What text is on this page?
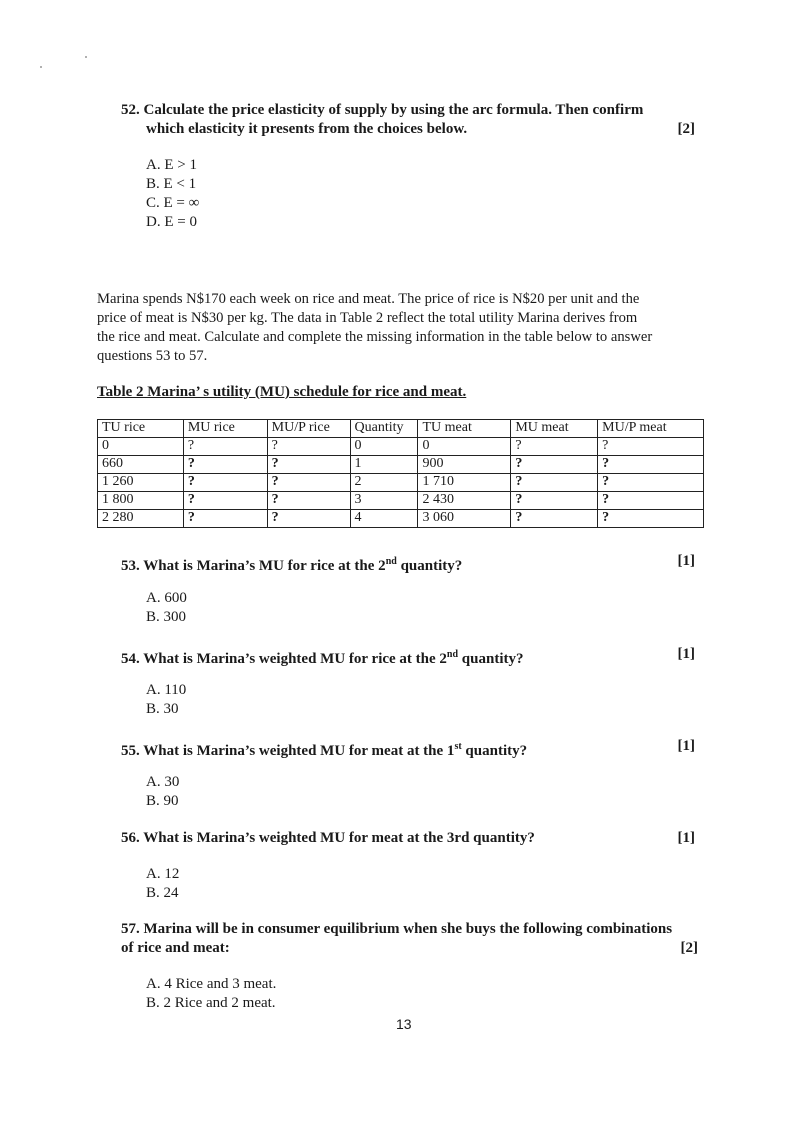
52. Calculate the price elasticity of supply by using the arc formula. Then confirm
which elasticity it presents from the choices below.	[2]
A. E > 1
B. E < 1
C. E = ∞
D. E = 0
Marina spends N$170 each week on rice and meat. The price of rice is N$20 per unit and the
price of meat is N$30 per kg. The data in Table 2 reflect the total utility Marina derives from
the rice and meat. Calculate and complete the missing information in the table below to answer
questions 53 to 57.
Table 2 Marina’ s utility (MU) schedule for rice and meat.
TU rice	MU rice	MU/P rice	Quantity	TU meat	MU meat	MU/P meat
0	?	?	0	0	?	?
660	?	?	1	900	?	?
1 260	?	?	2	1 710	?	?
1 800	?	?	3	2 430	?	?
2 280	?	?	4	3 060	?	?
53. What is Marina’s MU for rice at the 2nd quantity?	[1]
A. 600
B. 300
54. What is Marina’s weighted MU for rice at the 2nd quantity?	[1]
A. 110
B. 30
55. What is Marina’s weighted MU for meat at the 1st quantity?	[1]
A. 30
B. 90
56. What is Marina’s weighted MU for meat at the 3rd quantity?	[1]
A. 12
B. 24
57. Marina will be in consumer equilibrium when she buys the following combinations
of rice and meat:	[2]
A. 4 Rice and 3 meat.
B. 2 Rice and 2 meat.
13
